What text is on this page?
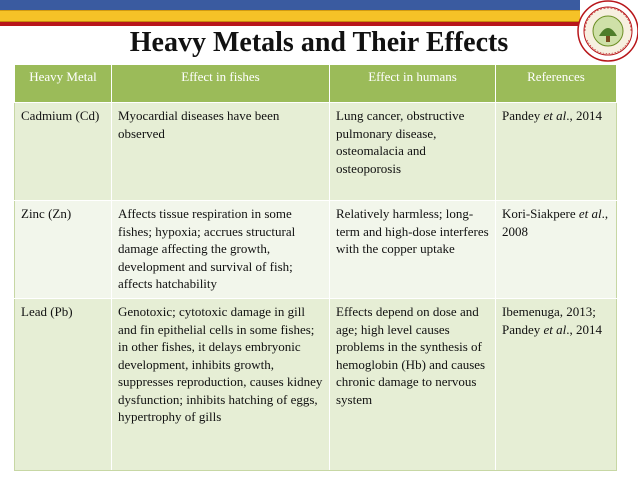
Heavy Metals and Their Effects
Heavy Metal	Effect in fishes	Effect in humans	References
Cadmium (Cd)	Myocardial diseases have been observed	Lung cancer, obstructive pulmonary disease, osteomalacia and osteoporosis	Pandey et al., 2014
Zinc (Zn)	Affects tissue respiration in some fishes; hypoxia; accrues structural damage affecting the growth, development and survival of fish; affects hatchability	Relatively harmless; long-term and high-dose interferes with the copper uptake	Kori-Siakpere et al., 2008
Lead (Pb)	Genotoxic; cytotoxic damage in gill and fin epithelial cells in some fishes; in other fishes, it delays embryonic development, inhibits growth, suppresses reproduction, causes kidney dysfunction; inhibits hatching of eggs, hypertrophy of gills	Effects depend on dose and age; high level causes problems in the synthesis of hemoglobin (Hb) and causes chronic damage to nervous system	Ibemenuga, 2013; Pandey et al., 2014
